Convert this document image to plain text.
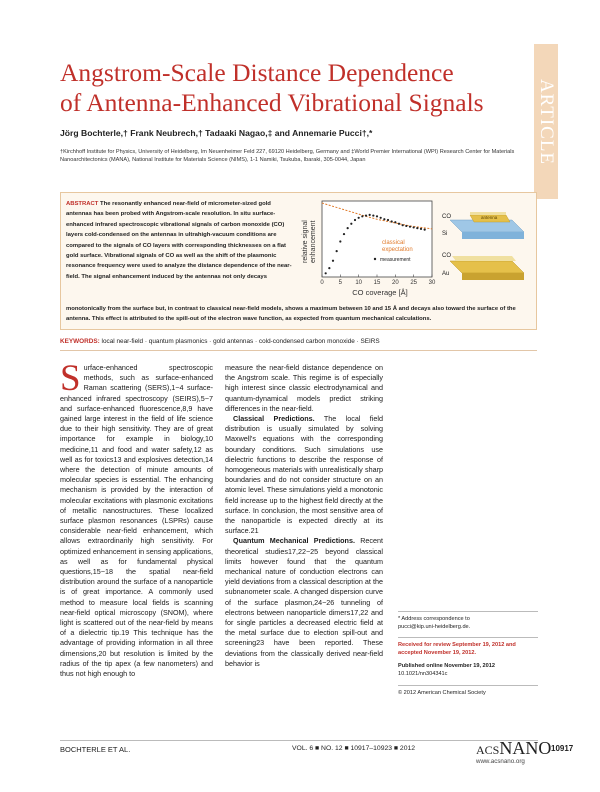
ARTICLE
Angstrom-Scale Distance Dependence
of Antenna-Enhanced Vibrational Signals
Jörg Bochterle,† Frank Neubrech,† Tadaaki Nagao,‡ and Annemarie Pucci†,*
†Kirchhoff Institute for Physics, University of Heidelberg, Im Neuenheimer Feld 227, 69120 Heidelberg, Germany and ‡World Premier International (WPI) Research Center for Materials Nanoarchitectonics (MANA), National Institute for Materials Science (NIMS), 1-1 Namiki, Tsukuba, Ibaraki, 305-0044, Japan
ABSTRACT The resonantly enhanced near-field of micrometer-sized gold antennas has been probed with Angstrom-scale resolution. In situ surface-enhanced infrared spectroscopic vibrational signals of carbon monoxide (CO) layers cold-condensed on the antennas in ultrahigh-vacuum conditions are compared to the signals of CO layers with corresponding thicknesses on a flat gold surface. Vibrational signals of CO as well as the shift of the plasmonic resonance frequency were used to analyze the distance dependence of the near-field. The signal enhancement induced by the antennas not only decays
monotonically from the surface but, in contrast to classical near-field models, shows a maximum between 10 and 15 Å and decays also toward the surface of the antenna. This effect is attributed to the spill-out of the electron wave function, as expected from quantum mechanical calculations.
relative signal enhancement
0 5 10 15 20 25 30
classical
expectation
measurement
CO coverage [Å]
CO	antenna
Si
CO
Au
KEYWORDS: local near-field · quantum plasmonics · gold antennas · cold-condensed carbon monoxide · SEIRS

Surface-enhanced spectroscopic methods, such as surface-enhanced Raman scattering (SERS),1−4 surface-enhanced infrared spectroscopy (SEIRS),5−7 and surface-enhanced fluorescence,8,9 have gained large interest in the field of life science due to their high sensitivity. They are of great importance for example in biology,10 medicine,11 and food and water safety,12 as well as for toxics13 and explosives detection,14 where the detection of minute amounts of molecular species is essential. The enhancing mechanism is provided by the interaction of molecular excitations with plasmonic excitations of metallic nanostructures. These localized surface plasmon resonances (LSPRs) cause considerable near-field enhancement, which allows extraordinarily high sensitivity. For optimized enhancement in sensing applications, as well as for fundamental physical questions,15−18 the spatial near-field distribution around the surface of a nanoparticle is of great importance. A commonly used method to measure local fields is scanning near-field optical microscopy (SNOM), where light is scattered out of the near-field by means of a dielectric tip.19 This technique has the advantage of providing information in all three dimensions,20 but resolution is limited by the radius of the tip apex (a few nanometers) and thus not high enough to

measure the near-field distance dependence on the Angstrom scale. This regime is of especially high interest since classic electrodynamical and quantum-dynamical models predict striking differences in the near-field.

Classical Predictions. The local field distribution is usually simulated by solving Maxwell's equations with the corresponding boundary conditions. Such simulations use dielectric functions to describe the response of homogeneous materials with unrealistically sharp boundaries and do not consider structure on an atomic level. These simulations yield a monotonic field increase up to the highest field directly at the surface. In conclusion, the most sensitive area of the nanoparticle is expected directly at its surface.21

Quantum Mechanical Predictions. Recent theoretical studies17,22−25 beyond classical limits however found that the quantum mechanical nature of conduction electrons can yield deviations from a classical description at the subnanometer scale. A changed dispersion curve of the surface plasmon,24−26 tunneling of electrons between nanoparticle dimers17,22 and for single particles a decreased electric field at the metal surface due to election spill-out and screening23 have been reported. These deviations from the classically derived near-field behavior is

* Address correspondence to
pucci@kip.uni-heidelberg.de.

Received for review September 19, 2012 and accepted November 19, 2012.

Published online November 19, 2012
10.1021/nn304341c

© 2012 American Chemical Society

BOCHTERLE ET AL.	VOL. 6 ■ NO. 12 ■ 10917–10923 ■ 2012	ACSNANO 10917
www.acsnano.org
